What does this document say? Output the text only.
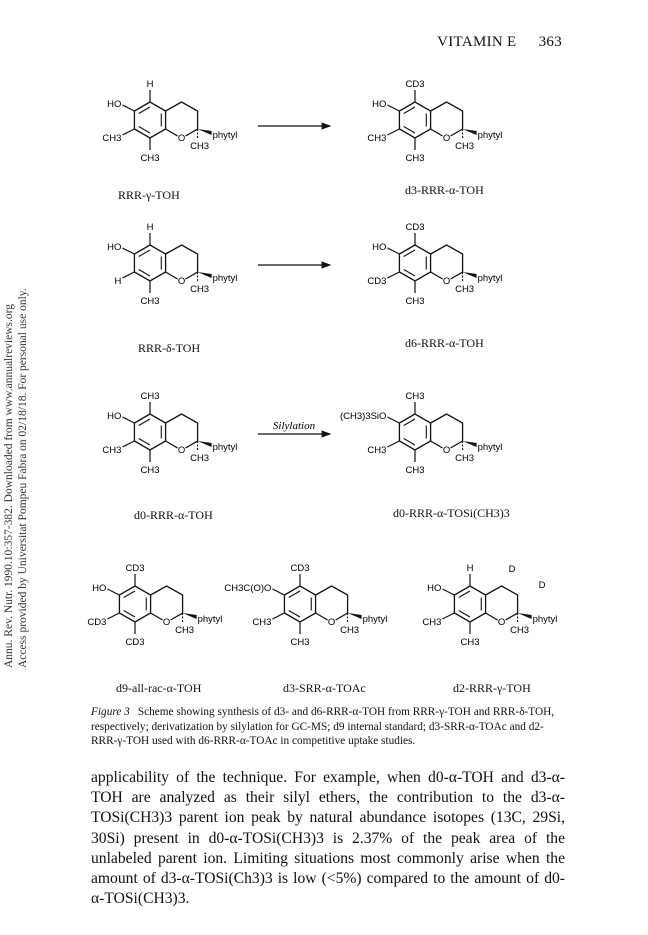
VITAMIN E 363
Annu. Rev. Nutr. 1990.10:357-382. Downloaded from www.annualreviews.org Access provided by Universitat Pompeu Fabra on 02/18/18. For personal use only.
O	phytyl
CH3
H
HO
CH3
CH3
O	phytyl
CH3
CD3
HO
CH3
CH3
O	phytyl
CH3
H
HO
H
CH3
O	phytyl
CH3
CD3
HO
CD3
CH3
O	phytyl
CH3
CH3
HO
CH3
CH3
O	phytyl
CH3
CH3
(CH3)3SiO
CH3
CH3
O	phytyl
CH3
CD3
HO
CD3
CD3
O	phytyl
CH3
CD3
CH3C(O)O
CH3
CH3
O	phytyl
CH3
H
HO
CH3
CH3
D
D
Silylation
RRR-γ-TOH	d3-RRR-α-TOH
RRR-δ-TOH	d6-RRR-α-TOH
d0-RRR-α-TOH	d0-RRR-α-TOSi(CH3)3
d9-all-rac-α-TOH	d3-SRR-α-TOAc	d2-RRR-γ-TOH
Figure 3 Scheme showing synthesis of d3- and d6-RRR-α-TOH from RRR-γ-TOH and RRR-δ-TOH, respectively; derivatization by silylation for GC-MS; d9 internal standard; d3-SRR-α-TOAc and d2-RRR-γ-TOH used with d6-RRR-α-TOAc in competitive uptake studies.
applicability of the technique. For example, when d0-α-TOH and d3-α-TOH are analyzed as their silyl ethers, the contribution to the d3-α-TOSi(CH3)3 parent ion peak by natural abundance isotopes (13C, 29Si, 30Si) present in d0-α-TOSi(CH3)3 is 2.37% of the peak area of the unlabeled parent ion. Limiting situations most commonly arise when the amount of d3-α-TOSi(Ch3)3 is low (<5%) compared to the amount of d0-α-TOSi(CH3)3.
